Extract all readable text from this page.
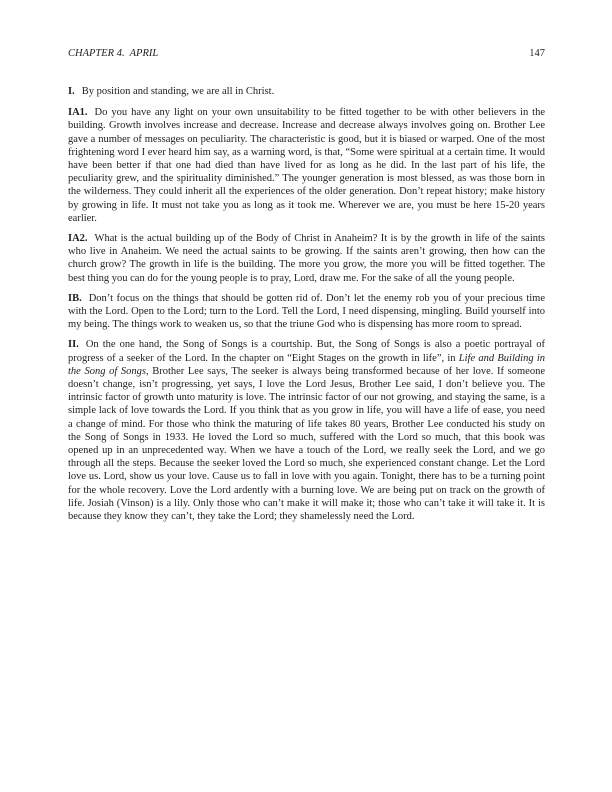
CHAPTER 4.  APRIL	147

I. By position and standing, we are all in Christ.

IA1. Do you have any light on your own unsuitability to be fitted together to be with other believers in the building. Growth involves increase and decrease. Increase and decrease always involves going on. Brother Lee gave a number of messages on peculiarity. The characteristic is good, but it is biased or warped. One of the most frightening word I ever heard him say, as a warning word, is that, “Some were spiritual at a certain time. It would have been better if that one had died than have lived for as long as he did. In the last part of his life, the peculiarity grew, and the spirituality diminished.” The younger generation is most blessed, as was those born in the wilderness. They could inherit all the experiences of the older generation. Don’t repeat history; make history by growing in life. It must not take you as long as it took me. Wherever we are, you must be here 15-20 years earlier.

IA2. What is the actual building up of the Body of Christ in Anaheim? It is by the growth in life of the saints who live in Anaheim. We need the actual saints to be growing. If the saints aren’t growing, then how can the church grow? The growth in life is the building. The more you grow, the more you will be fitted together. The best thing you can do for the young people is to pray, Lord, draw me. For the sake of all the young people.

IB. Don’t focus on the things that should be gotten rid of. Don’t let the enemy rob you of your precious time with the Lord. Open to the Lord; turn to the Lord. Tell the Lord, I need dispensing, mingling. Build yourself into my being. The things work to weaken us, so that the triune God who is dispensing has more room to spread.

II. On the one hand, the Song of Songs is a courtship. But, the Song of Songs is also a poetic portrayal of progress of a seeker of the Lord. In the chapter on “Eight Stages on the growth in life”, in Life and Building in the Song of Songs, Brother Lee says, The seeker is always being transformed because of her love. If someone doesn’t change, isn’t progressing, yet says, I love the Lord Jesus, Brother Lee said, I don’t believe you. The intrinsic factor of growth unto maturity is love. The intrinsic factor of our not growing, and staying the same, is a simple lack of love towards the Lord. If you think that as you grow in life, you will have a life of ease, you need a change of mind. For those who think the maturing of life takes 80 years, Brother Lee conducted his study on the Song of Songs in 1933. He loved the Lord so much, suffered with the Lord so much, that this book was opened up in an unprecedented way. When we have a touch of the Lord, we really seek the Lord, and we go through all the steps. Because the seeker loved the Lord so much, she experienced constant change. Let the Lord love us. Lord, show us your love. Cause us to fall in love with you again. Tonight, there has to be a turning point for the whole recovery. Love the Lord ardently with a burning love. We are being put on track on the growth of life. Josiah (Vinson) is a lily. Only those who can’t make it will make it; those who can’t take it will take it. It is because they know they can’t, they take the Lord; they shamelessly need the Lord.
